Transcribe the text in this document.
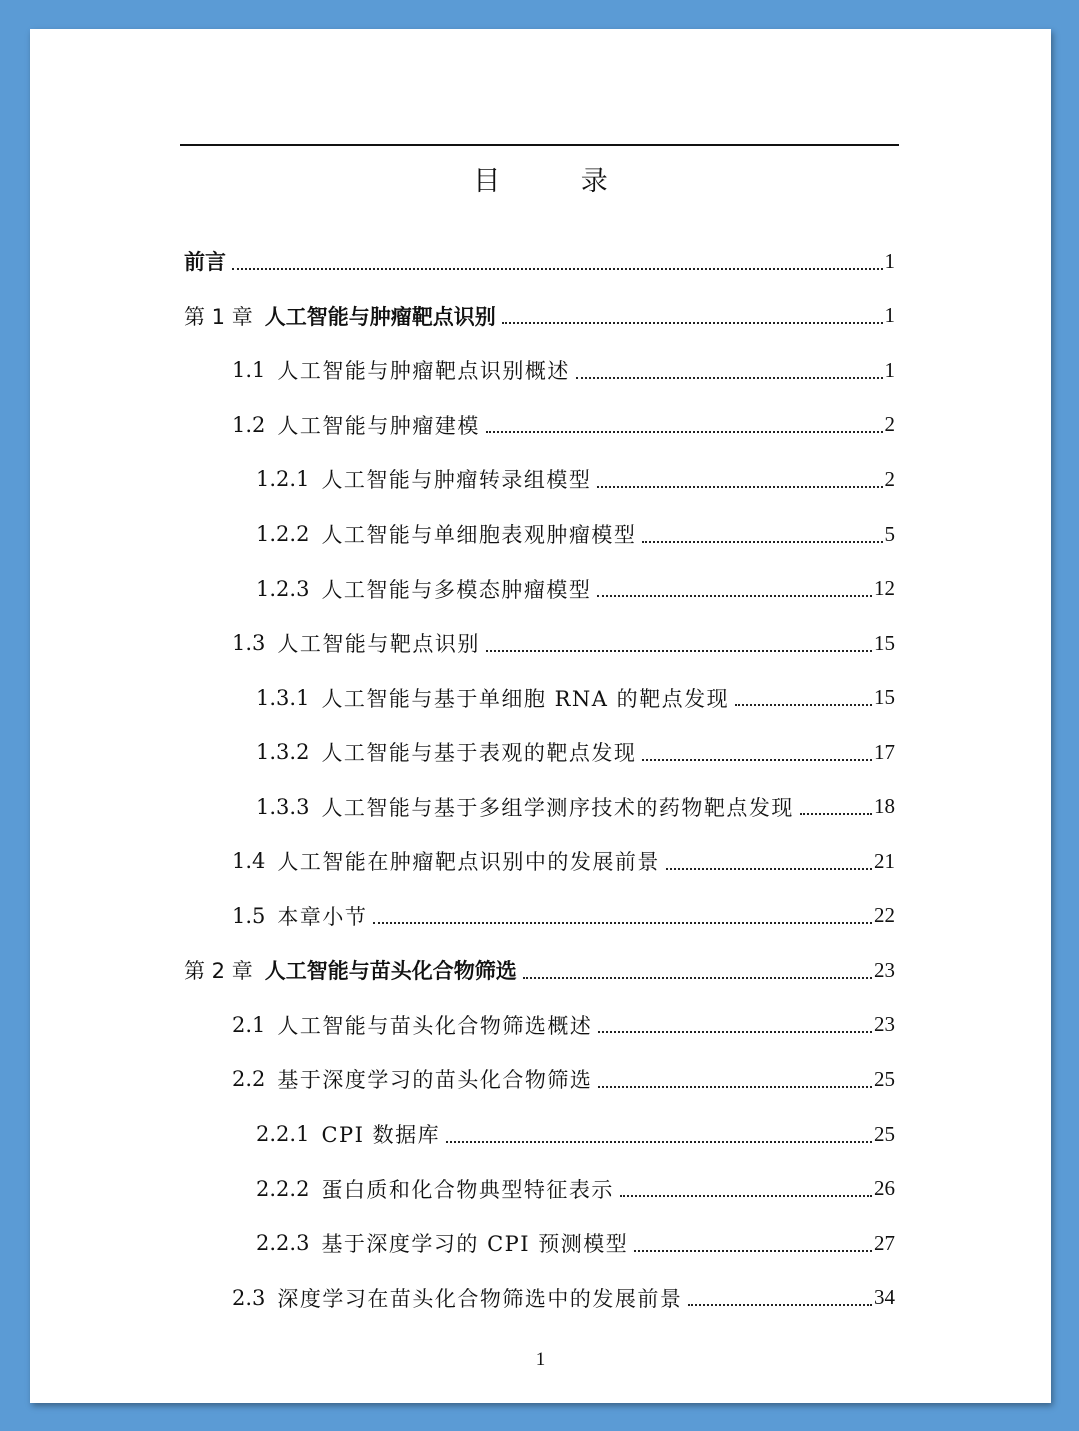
目 录
前言	1
第 1 章 人工智能与肿瘤靶点识别	1
1.1 人工智能与肿瘤靶点识别概述	1
1.2 人工智能与肿瘤建模	2
1.2.1 人工智能与肿瘤转录组模型	2
1.2.2 人工智能与单细胞表观肿瘤模型	5
1.2.3 人工智能与多模态肿瘤模型	12
1.3 人工智能与靶点识别	15
1.3.1 人工智能与基于单细胞 RNA 的靶点发现	15
1.3.2 人工智能与基于表观的靶点发现	17
1.3.3 人工智能与基于多组学测序技术的药物靶点发现	18
1.4 人工智能在肿瘤靶点识别中的发展前景	21
1.5 本章小节	22
第 2 章 人工智能与苗头化合物筛选	23
2.1 人工智能与苗头化合物筛选概述	23
2.2 基于深度学习的苗头化合物筛选	25
2.2.1 CPI 数据库	25
2.2.2 蛋白质和化合物典型特征表示	26
2.2.3 基于深度学习的 CPI 预测模型	27
2.3 深度学习在苗头化合物筛选中的发展前景	34
1
